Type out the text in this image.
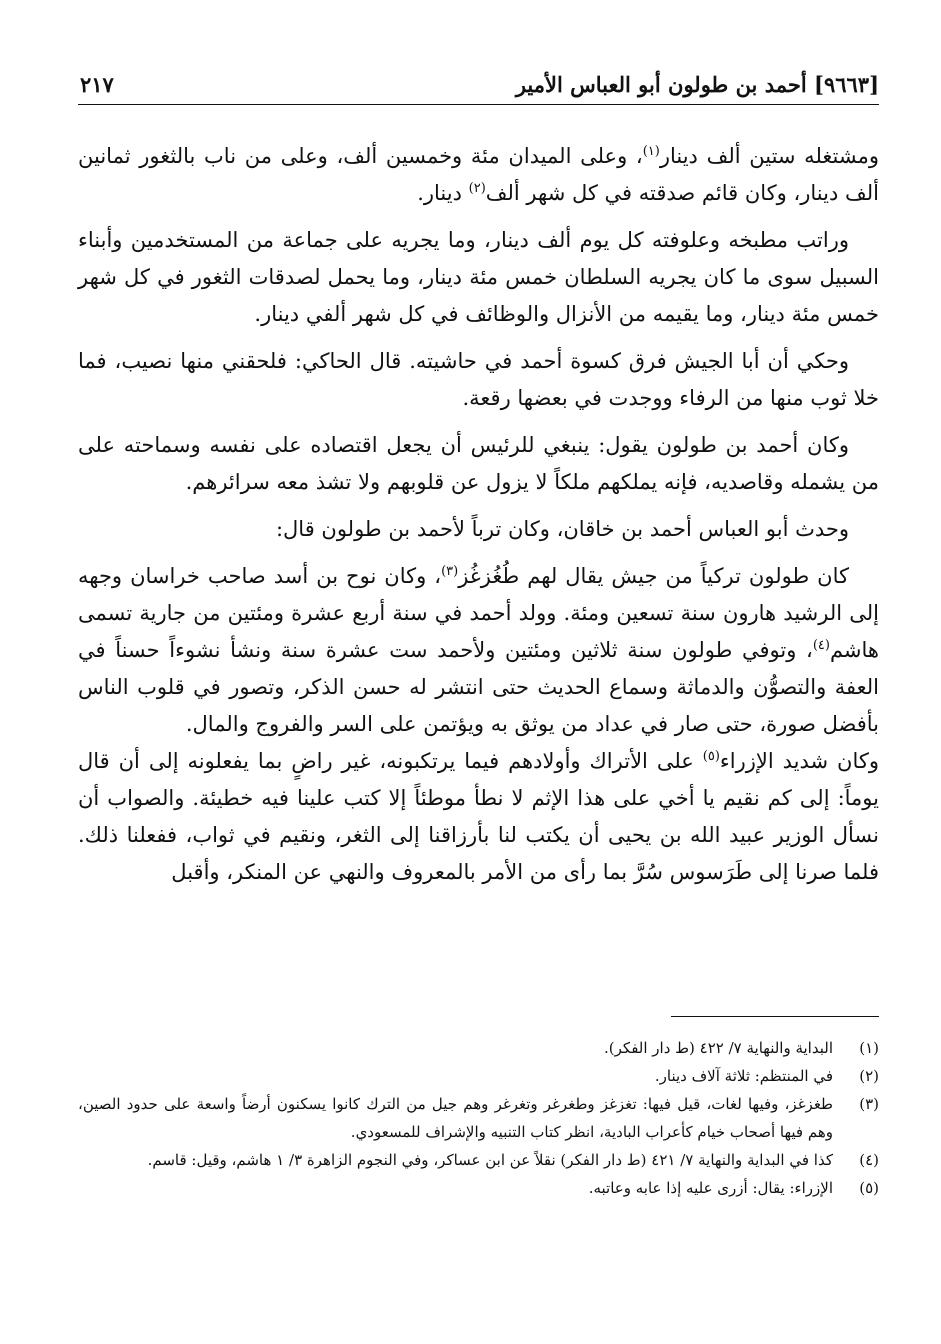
[٩٦٦٣] أحمد بن طولون أبو العباس الأمير
٢١٧

ومشتغله ستين ألف دينار$^{(١)}$، وعلى الميدان مئة وخمسين ألف، وعلى من ناب بالثغور ثمانين ألف دينار، وكان قائم صدقته في كل شهر ألف$^{(٢)}$ دينار.

وراتب مطبخه وعلوفته كل يوم ألف دينار، وما يجريه على جماعة من المستخدمين وأبناء السبيل سوى ما كان يجريه السلطان خمس مئة دينار، وما يحمل لصدقات الثغور في كل شهر خمس مئة دينار، وما يقيمه من الأنزال والوظائف في كل شهر ألفي دينار.

وحكي أن أبا الجيش فرق كسوة أحمد في حاشيته. قال الحاكي: فلحقني منها نصيب، فما خلا ثوب منها من الرفاء ووجدت في بعضها رقعة.

وكان أحمد بن طولون يقول: ينبغي للرئيس أن يجعل اقتصاده على نفسه وسماحته على من يشمله وقاصديه، فإنه يملكهم ملكاً لا يزول عن قلوبهم ولا تشذ معه سرائرهم.

وحدث أبو العباس أحمد بن خاقان، وكان ترباً لأحمد بن طولون قال:

كان طولون تركياً من جيش يقال لهم طُغُزغُز$^{(٣)}$، وكان نوح بن أسد صاحب خراسان وجهه إلى الرشيد هارون سنة تسعين ومئة. وولد أحمد في سنة أربع عشرة ومئتين من جارية تسمى هاشم$^{(٤)}$، وتوفي طولون سنة ثلاثين ومئتين ولأحمد ست عشرة سنة ونشأ نشوءاً حسناً في العفة والتصوُّن والدماثة وسماع الحديث حتى انتشر له حسن الذكر، وتصور في قلوب الناس بأفضل صورة، حتى صار في عداد من يوثق به ويؤتمن على السر والفروج والمال.

وكان شديد الإزراء$^{(٥)}$ على الأتراك وأولادهم فيما يرتكبونه، غير راضٍ بما يفعلونه إلى أن قال يوماً: إلى كم نقيم يا أخي على هذا الإثم لا نطأ موطئاً إلا كتب علينا فيه خطيئة. والصواب أن نسأل الوزير عبيد الله بن يحيى أن يكتب لنا بأرزاقنا إلى الثغر، ونقيم في ثواب، ففعلنا ذلك. فلما صرنا إلى طَرَسوس سُرَّ بما رأى من الأمر بالمعروف والنهي عن المنكر، وأقبل

(١)
البداية والنهاية ٧/ ٤٢٢ (ط دار الفكر).
(٢)
في المنتظم: ثلاثة آلاف دينار.
(٣)
طغزغز، وفيها لغات، قيل فيها: تغزغز وطغرغر وتغرغر وهم جيل من الترك كانوا يسكنون أرضاً واسعة على حدود الصين، وهم فيها أصحاب خيام كأعراب البادية، انظر كتاب التنبيه والإشراف للمسعودي.
(٤)
كذا في البداية والنهاية ٧/ ٤٢١ (ط دار الفكر) نقلاً عن ابن عساكر، وفي النجوم الزاهرة ٣/ ١ هاشم، وقيل: قاسم.
(٥)
الإزراء: يقال: أزرى عليه إذا عابه وعاتبه.
